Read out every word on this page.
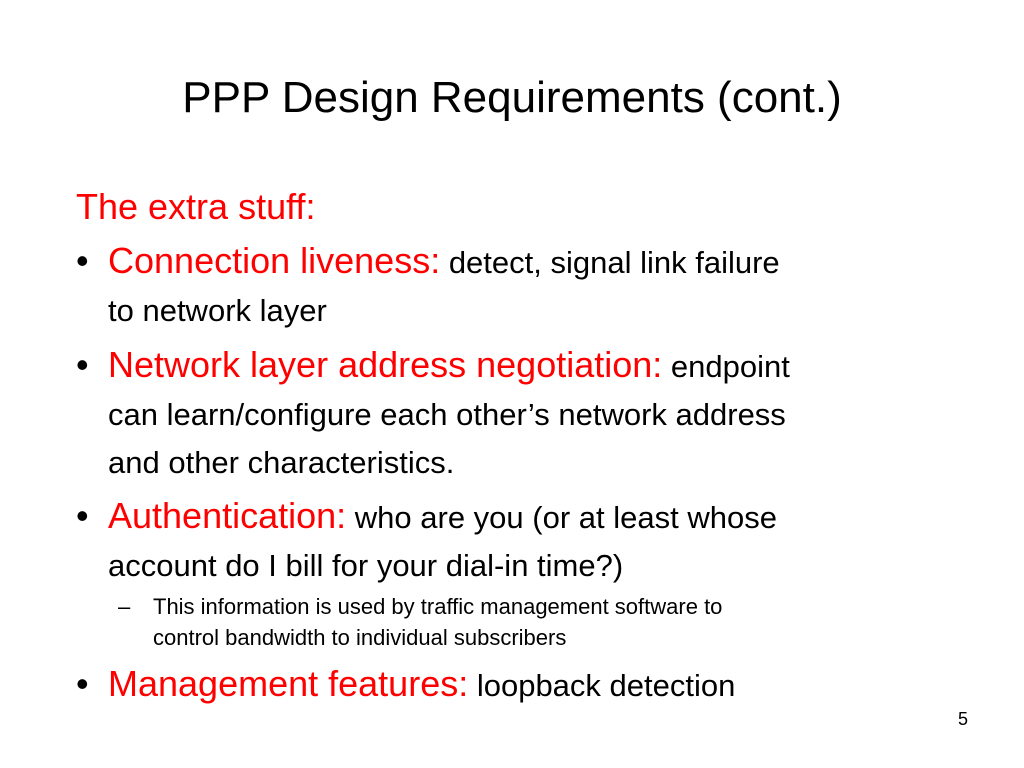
PPP Design Requirements (cont.)
The extra stuff:
• Connection liveness: detect, signal link failure
to network layer
• Network layer address negotiation: endpoint
can learn/configure each other’s network address
and other characteristics.
• Authentication: who are you (or at least whose
account do I bill for your dial-in time?)
– This information is used by traffic management software to
control bandwidth to individual subscribers
• Management features: loopback detection
5
